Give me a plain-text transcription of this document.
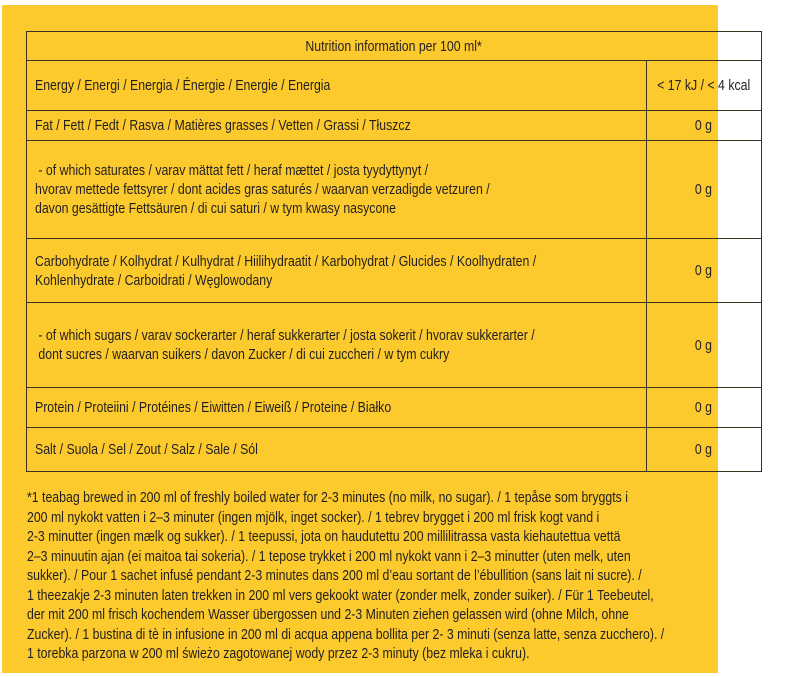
Nutrition information per 100 ml*	
Energy / Energi / Energia / Énergie / Energie / Energia	< 17 kJ / < 4 kcal
Fat / Fett / Fedt / Rasva / Matières grasses / Vetten / Grassi / Tłuszcz	0 g
- of which saturates / varav mättat fett / heraf mættet / josta tyydyttynyt /
hvorav mettede fettsyrer / dont acides gras saturés / waarvan verzadigde vetzuren /
davon gesättigte Fettsäuren / di cui saturi / w tym kwasy nasycone	0 g
Carbohydrate / Kolhydrat / Kulhydrat / Hiilihydraatit / Karbohydrat / Glucides / Koolhydraten /
Kohlenhydrate / Carboidrati / Węglowodany	0 g
- of which sugars / varav sockerarter / heraf sukkerarter / josta sokerit / hvorav sukkerarter /
dont sucres / waarvan suikers / davon Zucker / di cui zuccheri / w tym cukry	0 g
Protein / Proteiini / Protéines / Eiwitten / Eiweiß / Proteine / Białko	0 g
Salt / Suola / Sel / Zout / Salz / Sale / Sól	0 g
*1 teabag brewed in 200 ml of freshly boiled water for 2-3 minutes (no milk, no sugar). / 1 tepåse som bryggts i
200 ml nykokt vatten i 2–3 minuter (ingen mjölk, inget socker). / 1 tebrev brygget i 200 ml frisk kogt vand i
2-3 minutter (ingen mælk og sukker). / 1 teepussi, jota on haudutettu 200 millilitrassa vasta kiehautettua vettä
2–3 minuutin ajan (ei maitoa tai sokeria). / 1 tepose trykket i 200 ml nykokt vann i 2–3 minutter (uten melk, uten
sukker). / Pour 1 sachet infusé pendant 2-3 minutes dans 200 ml d’eau sortant de l’ébullition (sans lait ni sucre). /
1 theezakje 2-3 minuten laten trekken in 200 ml vers gekookt water (zonder melk, zonder suiker). / Für 1 Teebeutel,
der mit 200 ml frisch kochendem Wasser übergossen und 2-3 Minuten ziehen gelassen wird (ohne Milch, ohne
Zucker). / 1 bustina di tè in infusione in 200 ml di acqua appena bollita per 2- 3 minuti (senza latte, senza zucchero). /
1 torebka parzona w 200 ml świeżo zagotowanej wody przez 2-3 minuty (bez mleka i cukru).
